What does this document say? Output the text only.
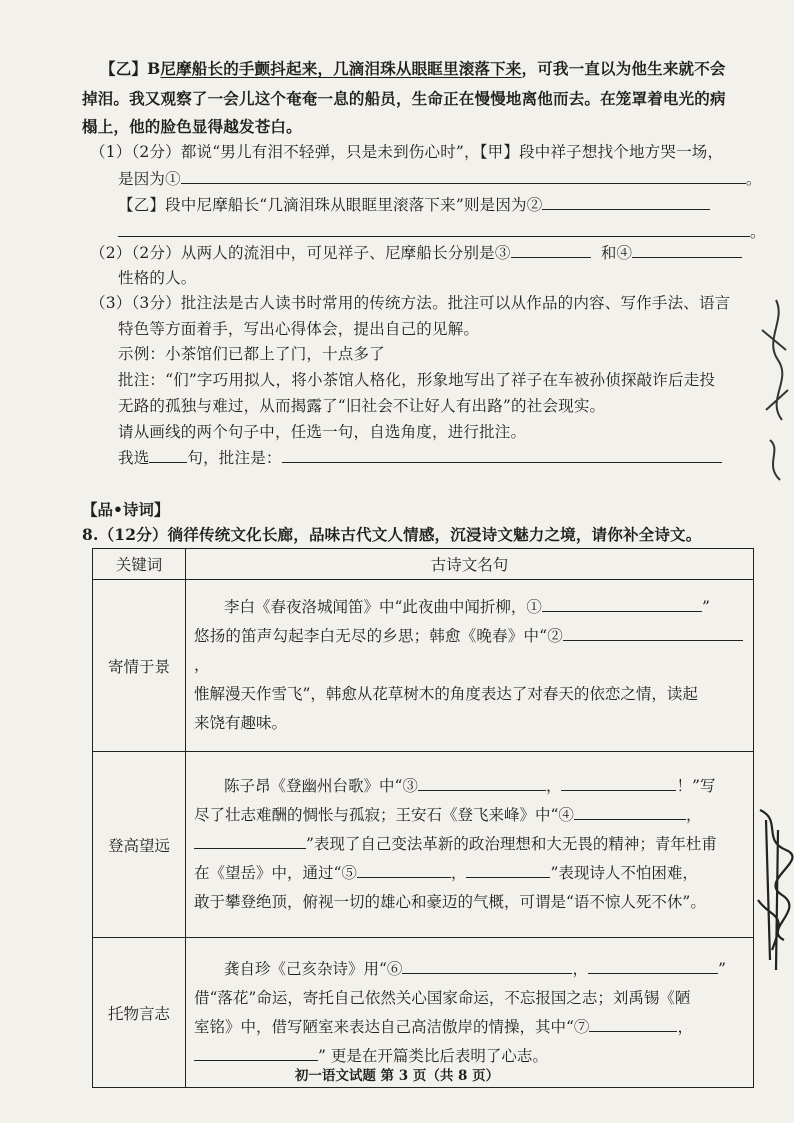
【乙】B尼摩船长的手颤抖起来，几滴泪珠从眼眶里滚落下来，可我一直以为他生来就不会
掉泪。我又观察了一会儿这个奄奄一息的船员，生命正在慢慢地离他而去。在笼罩着电光的病
榻上，他的脸色显得越发苍白。
（1）（2分）都说“男儿有泪不轻弹，只是未到伤心时”，【甲】段中祥子想找个地方哭一场，
是因为①	。
【乙】段中尼摩船长“几滴泪珠从眼眶里滚落下来”则是因为②
。
（2）（2分）从两人的流泪中，可见祥子、尼摩船长分别是③	和④
性格的人。
（3）（3分）批注法是古人读书时常用的传统方法。批注可以从作品的内容、写作手法、语言
特色等方面着手，写出心得体会，提出自己的见解。
示例：小茶馆们已都上了门，十点多了
批注：“们”字巧用拟人，将小茶馆人格化，形象地写出了祥子在车被孙侦探敲诈后走投
无路的孤独与难过，从而揭露了“旧社会不让好人有出路”的社会现实。
请从画线的两个句子中，任选一句，自选角度，进行批注。
我选 句，批注是：
【品•诗词】
8.（12分）徜徉传统文化长廊，品味古代文人情感，沉浸诗文魅力之境，请你补全诗文。
关键词	古诗文名句
寄情于景	李白《春夜洛城闻笛》中“此夜曲中闻折柳，① ”
悠扬的笛声勾起李白无尽的乡思；韩愈《晚春》中“②，
惟解漫天作雪飞”，韩愈从花草树木的角度表达了对春天的依恋之情，读起
来饶有趣味。
登高望远	陈子昂《登幽州台歌》中“③ ， ！”写
尽了壮志难酬的惆怅与孤寂；王安石《登飞来峰》中“④ ，
”表现了自己变法革新的政治理想和大无畏的精神；青年杜甫
在《望岳》中，通过“⑤ ， ”表现诗人不怕困难，
敢于攀登绝顶，俯视一切的雄心和豪迈的气概，可谓是“语不惊人死不休”。
托物言志	龚自珍《己亥杂诗》用“⑥ ， ”
借“落花”命运，寄托自己依然关心国家命运，不忘报国之志；刘禹锡《陋
室铭》中，借写陋室来表达自己高洁傲岸的情操，其中“⑦ ，
” 更是在开篇类比后表明了心志。
初一语文试题 第 3 页（共 8 页）
